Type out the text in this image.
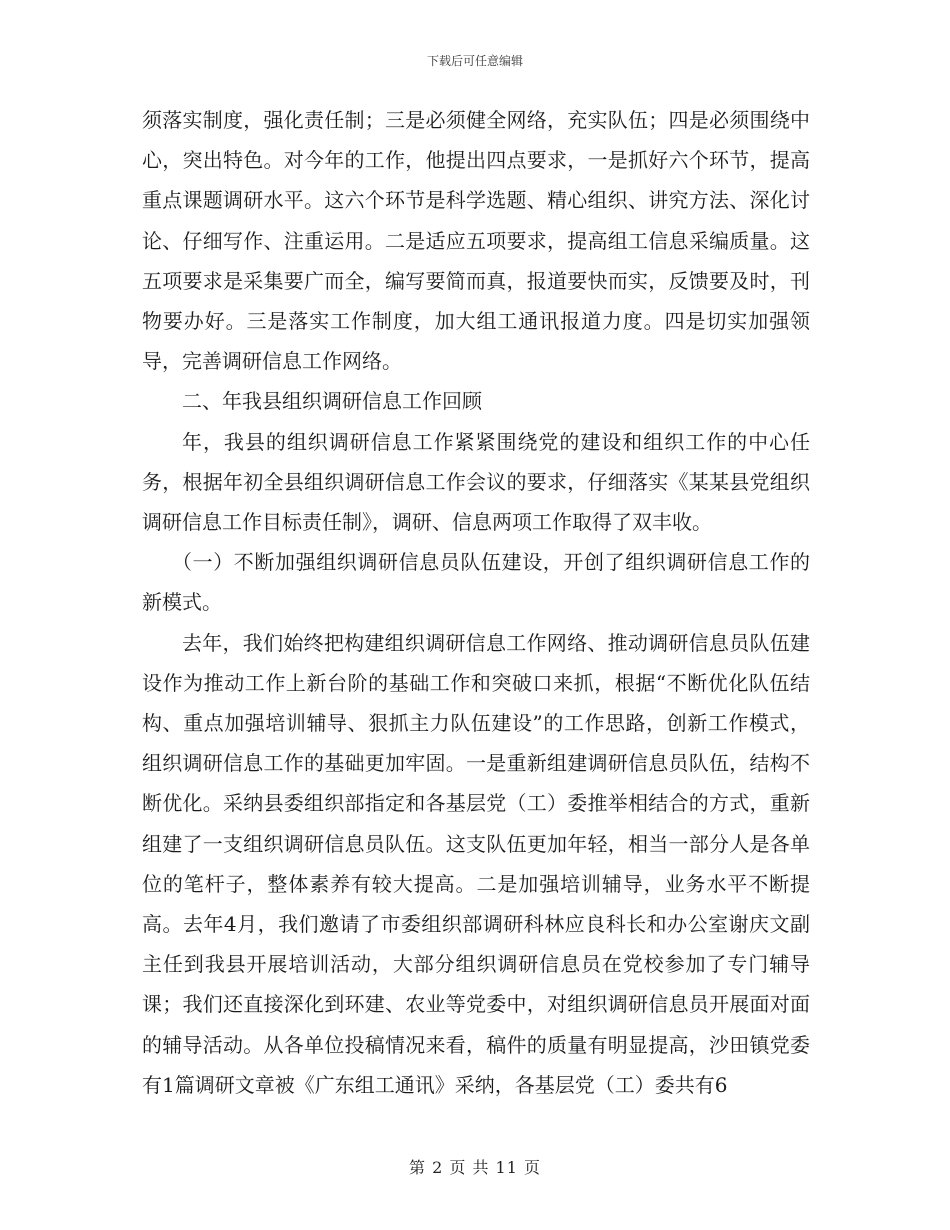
下载后可任意编辑

须落实制度，强化责任制；三是必须健全网络，充实队伍；四是必须围绕中心，突出特色。对今年的工作，他提出四点要求，一是抓好六个环节，提高重点课题调研水平。这六个环节是科学选题、精心组织、讲究方法、深化讨论、仔细写作、注重运用。二是适应五项要求，提高组工信息采编质量。这五项要求是采集要广而全，编写要简而真，报道要快而实，反馈要及时，刊物要办好。三是落实工作制度，加大组工通讯报道力度。四是切实加强领导，完善调研信息工作网络。

二、年我县组织调研信息工作回顾

年，我县的组织调研信息工作紧紧围绕党的建设和组织工作的中心任务，根据年初全县组织调研信息工作会议的要求，仔细落实《某某县党组织调研信息工作目标责任制》，调研、信息两项工作取得了双丰收。

（一）不断加强组织调研信息员队伍建设，开创了组织调研信息工作的新模式。

去年，我们始终把构建组织调研信息工作网络、推动调研信息员队伍建设作为推动工作上新台阶的基础工作和突破口来抓，根据“不断优化队伍结构、重点加强培训辅导、狠抓主力队伍建设”的工作思路，创新工作模式，组织调研信息工作的基础更加牢固。一是重新组建调研信息员队伍，结构不断优化。采纳县委组织部指定和各基层党（工）委推举相结合的方式，重新组建了一支组织调研信息员队伍。这支队伍更加年轻，相当一部分人是各单位的笔杆子，整体素养有较大提高。二是加强培训辅导，业务水平不断提高。去年4月，我们邀请了市委组织部调研科林应良科长和办公室谢庆文副主任到我县开展培训活动，大部分组织调研信息员在党校参加了专门辅导课；我们还直接深化到环建、农业等党委中，对组织调研信息员开展面对面的辅导活动。从各单位投稿情况来看，稿件的质量有明显提高，沙田镇党委有1篇调研文章被《广东组工通讯》采纳，各基层党（工）委共有6

第 2 页 共 11 页
